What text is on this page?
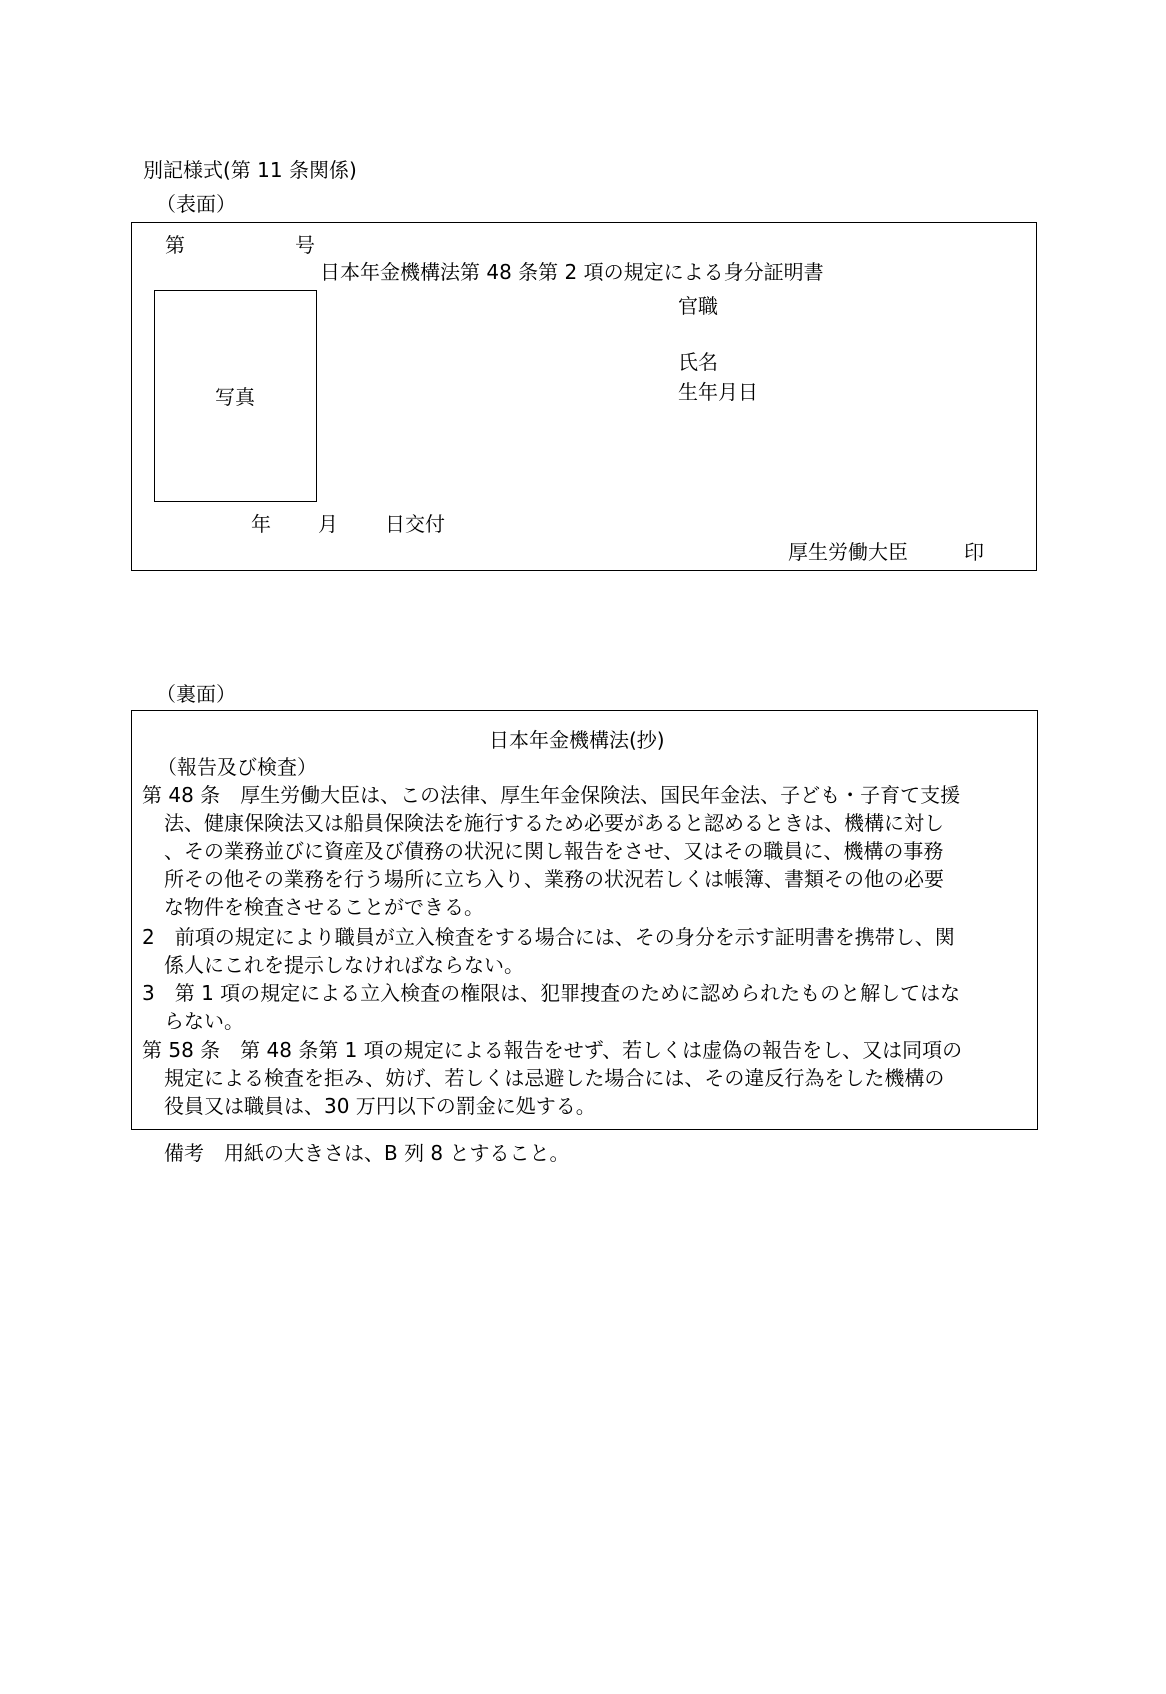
別記様式(第 11 条関係)
（表面）
第	号
日本年金機構法第 48 条第 2 項の規定による身分証明書
写真
官職
氏名
生年月日
年 月 日交付
厚生労働大臣	印
（裏面）
日本年金機構法(抄)
（報告及び検査）
第 48 条　厚生労働大臣は、この法律、厚生年金保険法、国民年金法、子ども・子育て支援
法、健康保険法又は船員保険法を施行するため必要があると認めるときは、機構に対し
、その業務並びに資産及び債務の状況に関し報告をさせ、又はその職員に、機構の事務
所その他その業務を行う場所に立ち入り、業務の状況若しくは帳簿、書類その他の必要
な物件を検査させることができる。
2　前項の規定により職員が立入検査をする場合には、その身分を示す証明書を携帯し、関
係人にこれを提示しなければならない。
3　第 1 項の規定による立入検査の権限は、犯罪捜査のために認められたものと解してはな
らない。
第 58 条　第 48 条第 1 項の規定による報告をせず、若しくは虚偽の報告をし、又は同項の
規定による検査を拒み、妨げ、若しくは忌避した場合には、その違反行為をした機構の
役員又は職員は、30 万円以下の罰金に処する。
備考　用紙の大きさは、B 列 8 とすること。
